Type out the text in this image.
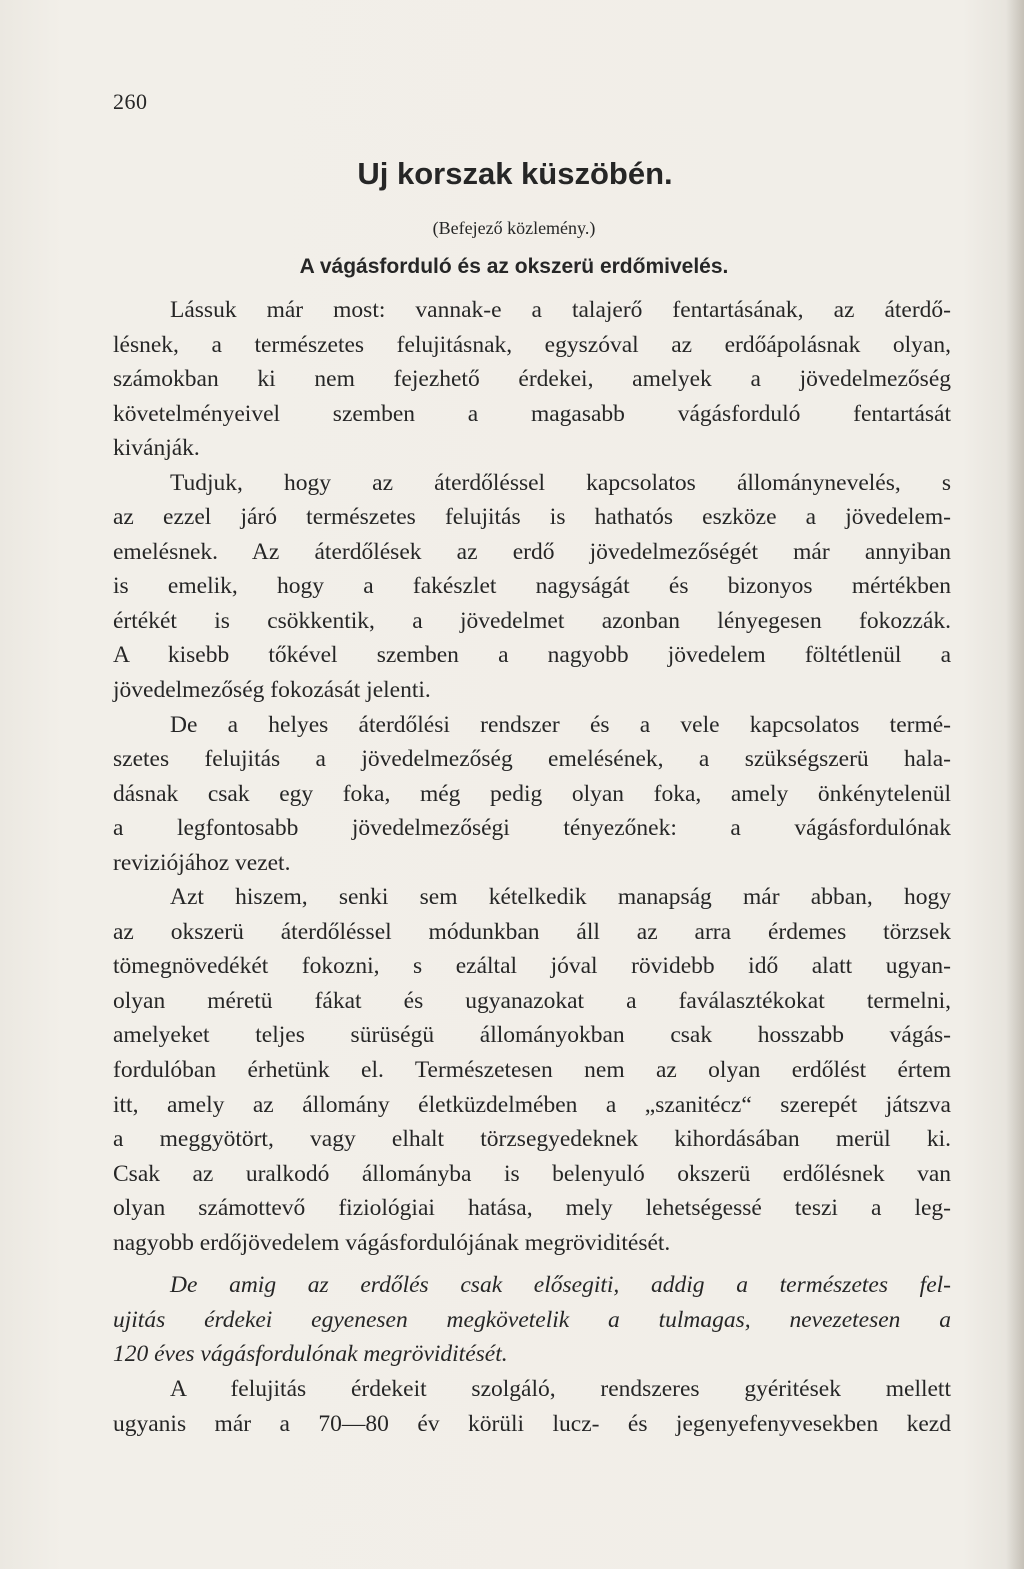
260
Uj korszak küszöbén.
(Befejező közlemény.)
A vágásforduló és az okszerü erdőmivelés.
Lássuk már most: vannak-e a talajerő fentartásának, az áterdő-
lésnek, a természetes felujitásnak, egyszóval az erdőápolásnak olyan,
számokban ki nem fejezhető érdekei, amelyek a jövedelmezőség
követelményeivel szemben a magasabb vágásforduló fentartását
kivánják.
Tudjuk, hogy az áterdőléssel kapcsolatos állománynevelés, s
az ezzel járó természetes felujitás is hathatós eszköze a jövedelem-
emelésnek. Az áterdőlések az erdő jövedelmezőségét már annyiban
is emelik, hogy a fakészlet nagyságát és bizonyos mértékben
értékét is csökkentik, a jövedelmet azonban lényegesen fokozzák.
A kisebb tőkével szemben a nagyobb jövedelem föltétlenül a
jövedelmezőség fokozását jelenti.
De a helyes áterdőlési rendszer és a vele kapcsolatos termé-
szetes felujitás a jövedelmezőség emelésének, a szükségszerü hala-
dásnak csak egy foka, még pedig olyan foka, amely önkénytelenül
a legfontosabb jövedelmezőségi tényezőnek: a vágásfordulónak
reviziójához vezet.
Azt hiszem, senki sem kételkedik manapság már abban, hogy
az okszerü áterdőléssel módunkban áll az arra érdemes törzsek
tömegnövedékét fokozni, s ezáltal jóval rövidebb idő alatt ugyan-
olyan méretü fákat és ugyanazokat a faválasztékokat termelni,
amelyeket teljes sürüségü állományokban csak hosszabb vágás-
fordulóban érhetünk el. Természetesen nem az olyan erdőlést értem
itt, amely az állomány életküzdelmében a „szanitécz“ szerepét játszva
a meggyötört, vagy elhalt törzsegyedeknek kihordásában merül ki.
Csak az uralkodó állományba is belenyuló okszerü erdőlésnek van
olyan számottevő fiziológiai hatása, mely lehetségessé teszi a leg-
nagyobb erdőjövedelem vágásfordulójának megröviditését.
De amig az erdőlés csak elősegiti, addig a természetes fel-
ujitás érdekei egyenesen megkövetelik a tulmagas, nevezetesen a
120 éves vágásfordulónak megröviditését.
A felujitás érdekeit szolgáló, rendszeres gyéritések mellett
ugyanis már a 70—80 év körüli lucz- és jegenyefenyvesekben kezd
